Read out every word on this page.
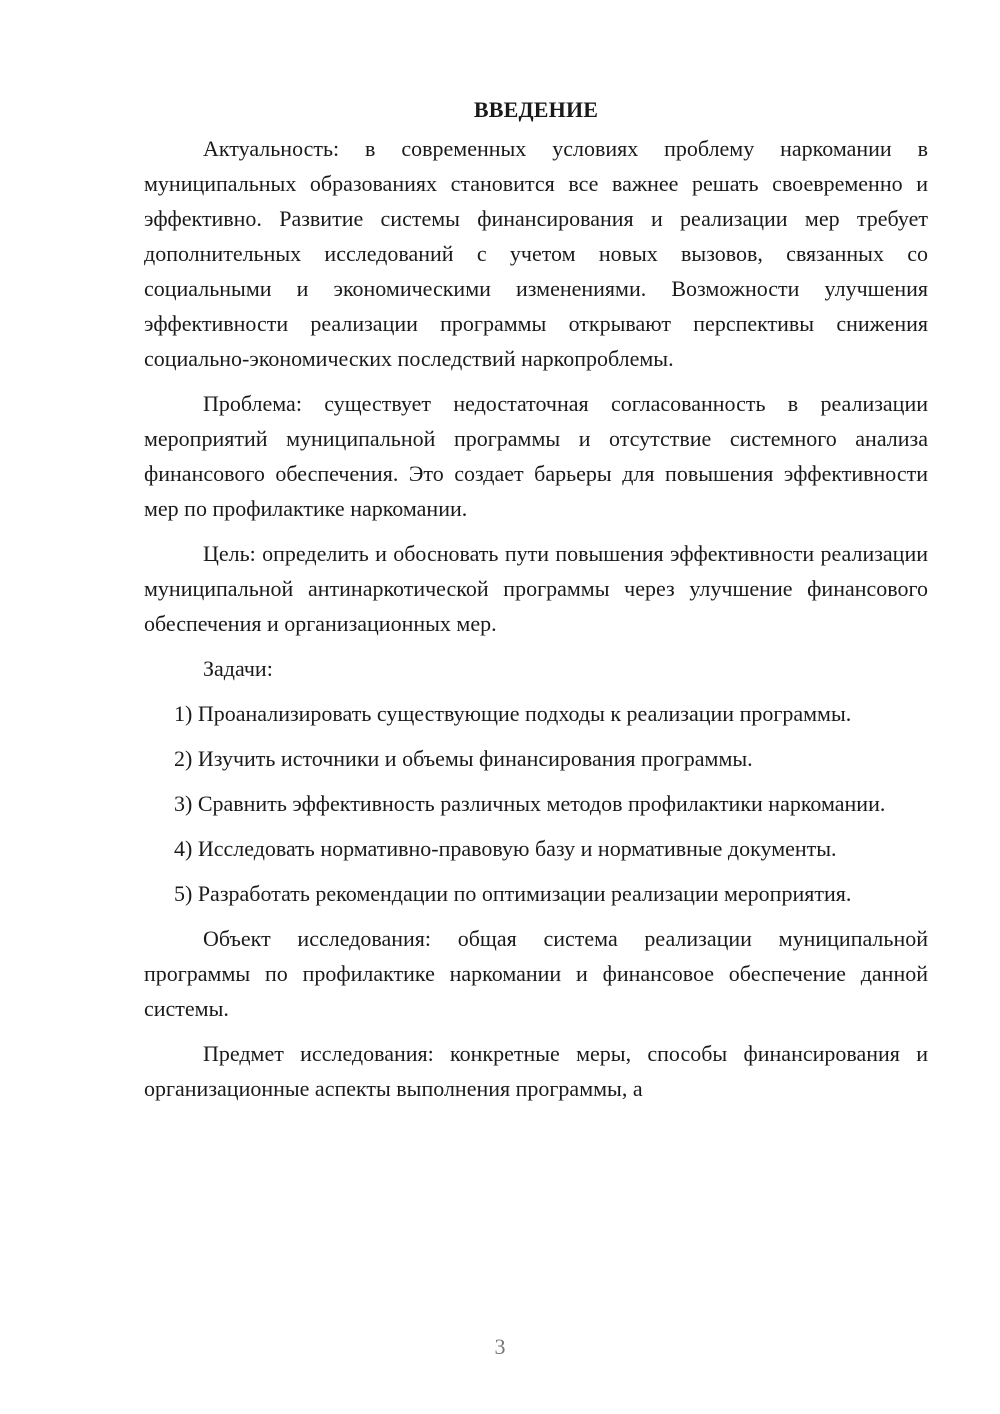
ВВЕДЕНИЕ

Актуальность: в современных условиях проблему наркомании в муниципальных образованиях становится все важнее решать своевременно и эффективно. Развитие системы финансирования и реализации мер требует дополнительных исследований с учетом новых вызовов, связанных со социальными и экономическими изменениями. Возможности улучшения эффективности реализации программы открывают перспективы снижения социально-экономических последствий наркопроблемы.

Проблема: существует недостаточная согласованность в реализации мероприятий муниципальной программы и отсутствие системного анализа финансового обеспечения. Это создает барьеры для повышения эффективности мер по профилактике наркомании.

Цель: определить и обосновать пути повышения эффективности реализации муниципальной антинаркотической программы через улучшение финансового обеспечения и организационных мер.

Задачи:

1) Проанализировать существующие подходы к реализации программы.

2) Изучить источники и объемы финансирования программы.

3) Сравнить эффективность различных методов профилактики наркомании.

4) Исследовать нормативно-правовую базу и нормативные документы.

5) Разработать рекомендации по оптимизации реализации мероприятия.

Объект исследования: общая система реализации муниципальной программы по профилактике наркомании и финансовое обеспечение данной системы.

Предмет исследования: конкретные меры, способы финансирования и организационные аспекты выполнения программы, а

3
